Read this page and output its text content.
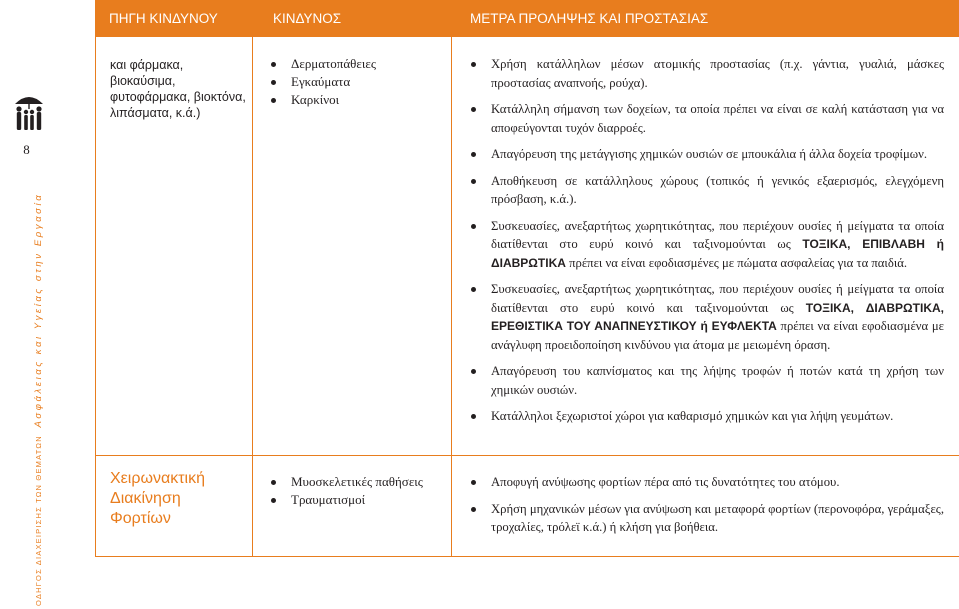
8
ΟΔΗΓΟΣ ΔΙΑΧΕΙΡΙΣΗΣ ΤΩΝ ΘΕΜΑΤΩΝ  Ασφάλειας και Υγείας στην Εργασία
ΠΗΓΗ ΚΙΝΔΥΝΟΥ	ΚΙΝΔΥΝΟΣ	ΜΕΤΡΑ ΠΡΟΛΗΨΗΣ ΚΑΙ ΠΡΟΣΤΑΣΙΑΣ
και φάρμακα, βιοκαύσιμα,
φυτοφάρμακα, βιοκτόνα,
λιπάσματα, κ.ά.)
Δερματοπάθειες
Εγκαύματα
Καρκίνοι
Χρήση κατάλληλων μέσων ατομικής προστασίας (π.χ. γάντια, γυαλιά, μάσκες προστασίας αναπνοής, ρούχα).
Κατάλληλη σήμανση των δοχείων, τα οποία πρέπει να είναι σε καλή κατάσταση για να αποφεύγονται τυχόν διαρροές.
Απαγόρευση της μετάγγισης χημικών ουσιών σε μπουκάλια ή άλλα δοχεία τροφίμων.
Αποθήκευση σε κατάλληλους χώρους (τοπικός ή γενικός εξαερισμός, ελεγχόμενη πρόσβαση, κ.ά.).
Συσκευασίες, ανεξαρτήτως χωρητικότητας, που περιέχουν ουσίες ή μείγματα τα οποία διατίθενται στο ευρύ κοινό και ταξινομούνται ως ΤΟΞΙΚΑ, ΕΠΙΒΛΑΒΗ ή ΔΙΑΒΡΩΤΙΚΑ πρέπει να είναι εφοδιασμένες με πώματα ασφαλείας για τα παιδιά.
Συσκευασίες, ανεξαρτήτως χωρητικότητας, που περιέχουν ουσίες ή μείγματα τα οποία διατίθενται στο ευρύ κοινό και ταξινομούνται ως ΤΟΞΙΚΑ, ΔΙΑΒΡΩΤΙΚΑ, ΕΡΕΘΙΣΤΙΚΑ ΤΟΥ ΑΝΑΠΝΕΥΣΤΙΚΟΥ ή ΕΥΦΛΕΚΤΑ πρέπει να είναι εφοδιασμένα με ανάγλυφη προειδοποίηση κινδύνου για άτομα με μειωμένη όραση.
Απαγόρευση του καπνίσματος και της λήψης τροφών ή ποτών κατά τη χρήση των χημικών ουσιών.
Κατάλληλοι ξεχωριστοί χώροι για καθαρισμό χημικών και για λήψη γευμάτων.
Χειρωνακτική
Διακίνηση
Φορτίων
Μυοσκελετικές παθήσεις
Τραυματισμοί
Αποφυγή ανύψωσης φορτίων πέρα από τις δυνατότητες του ατόμου.
Χρήση μηχανικών μέσων για ανύψωση και μεταφορά φορτίων (περονοφόρα, γεράμαξες, τροχαλίες, τρόλεϊ κ.ά.) ή κλήση για βοήθεια.
